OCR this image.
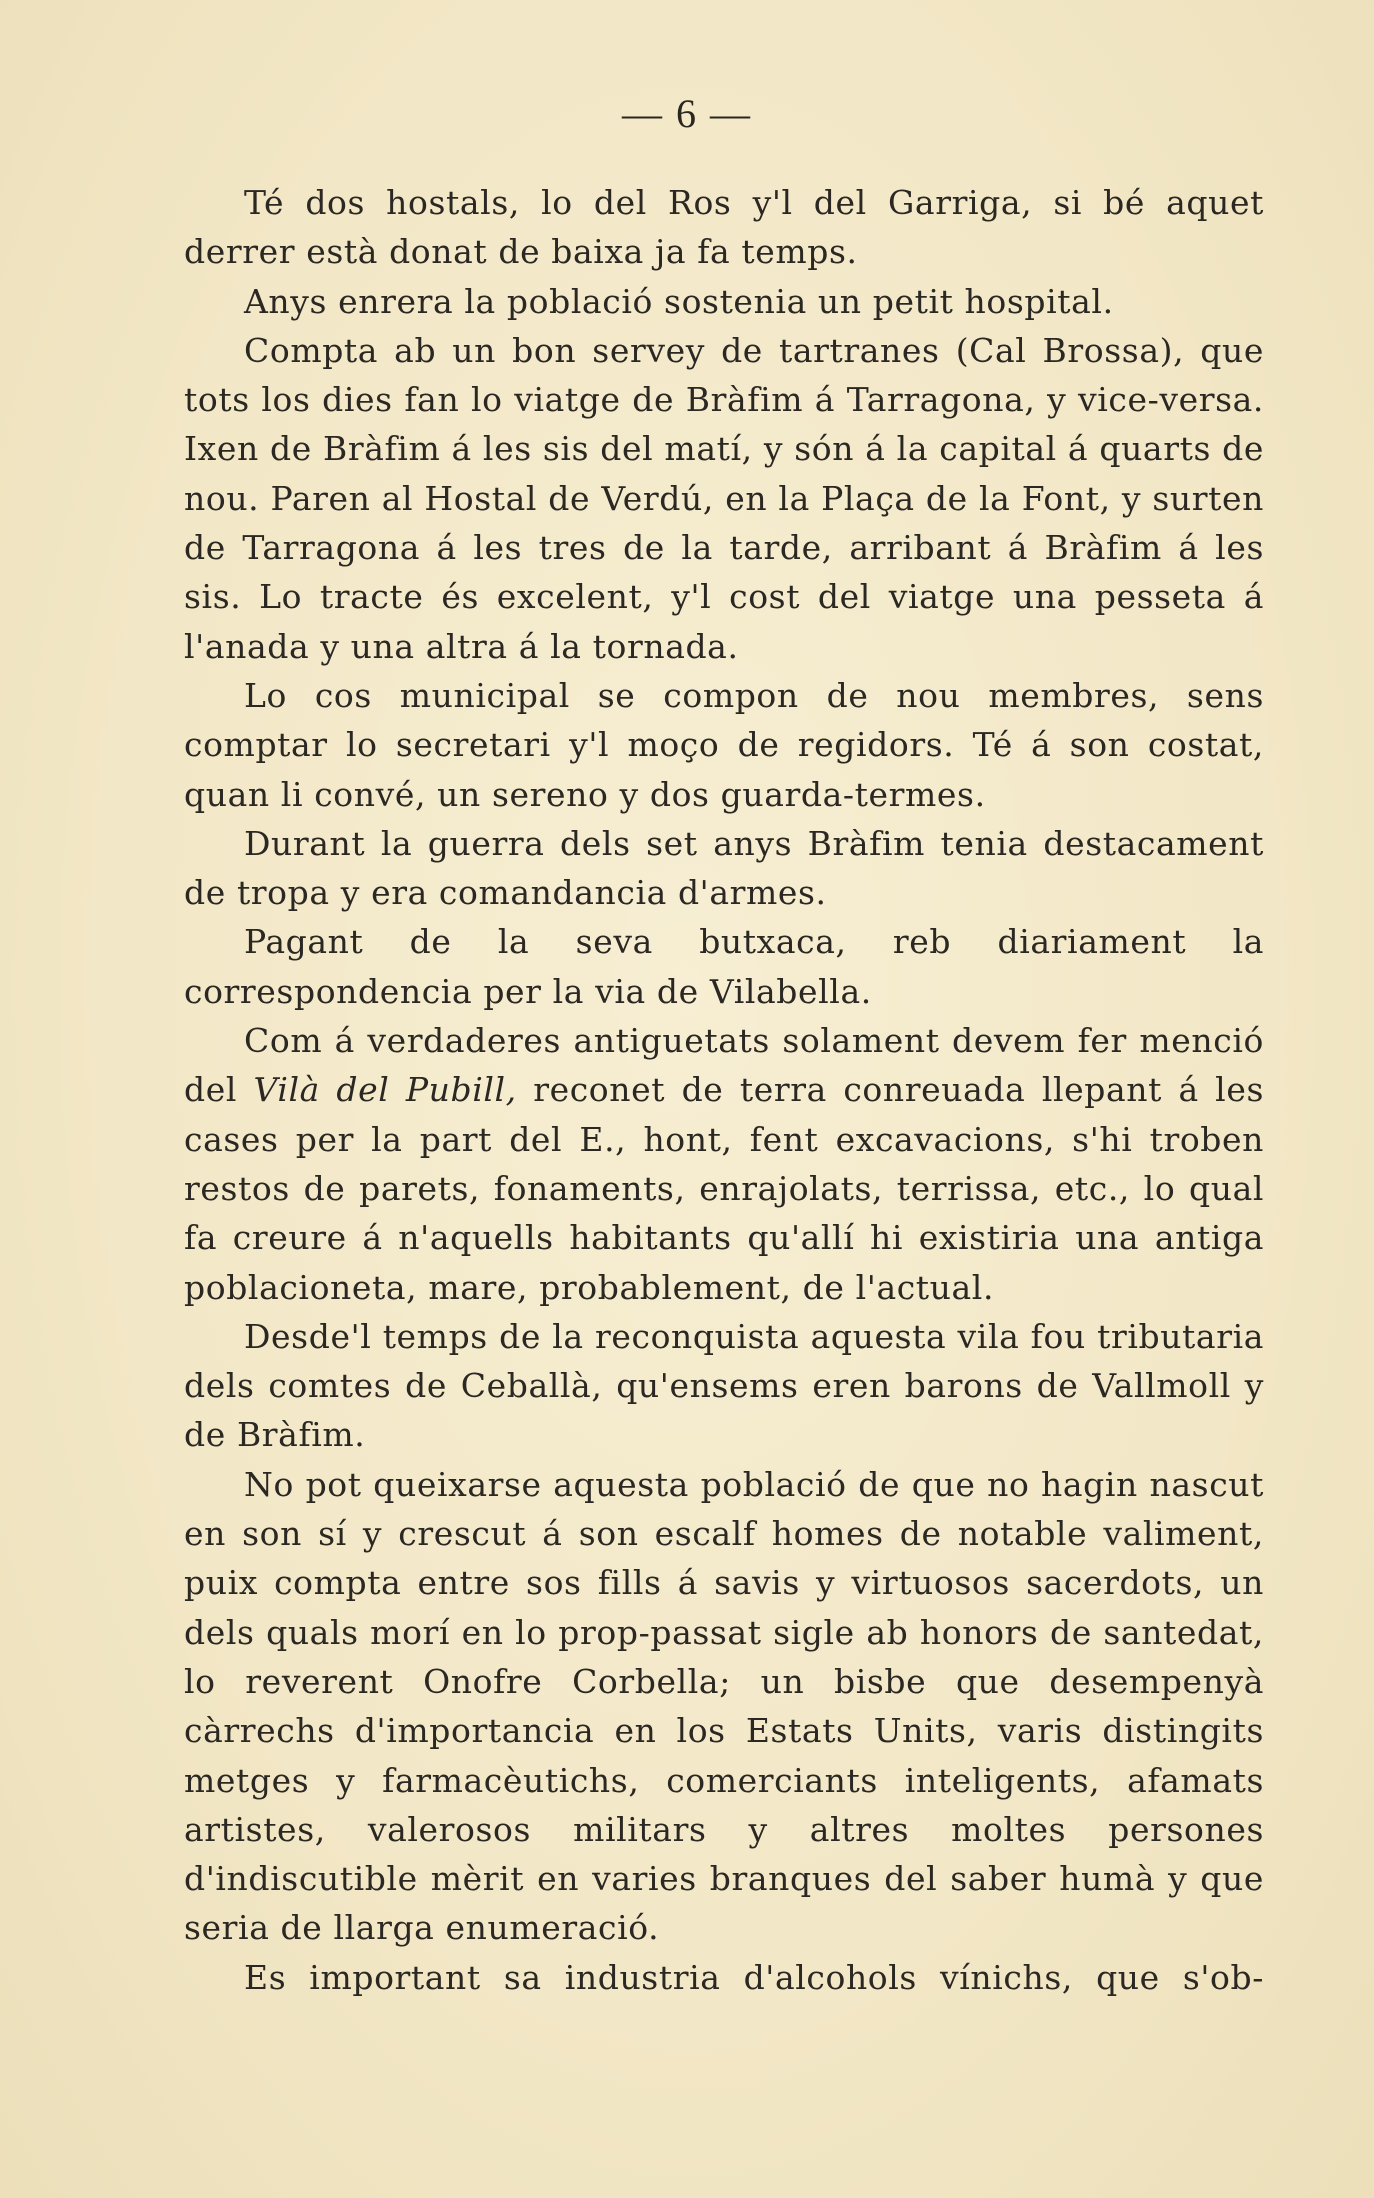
— 6 —

Té dos hostals, lo del Ros y'l del Garriga, si bé aquet derrer està donat de baixa ja fa temps.

Anys enrera la població sostenia un petit hospital.

Compta ab un bon servey de tartranes (Cal Brossa), que tots los dies fan lo viatge de Bràfim á Tarragona, y vice-versa. Ixen de Bràfim á les sis del matí, y són á la capital á quarts de nou. Paren al Hostal de Verdú, en la Plaça de la Font, y surten de Tarragona á les tres de la tarde, arribant á Bràfim á les sis. Lo tracte és excelent, y'l cost del viatge una pesseta á l'anada y una altra á la tornada.

Lo cos municipal se compon de nou membres, sens comptar lo secretari y'l moço de regidors. Té á son costat, quan li convé, un sereno y dos guarda-termes.

Durant la guerra dels set anys Bràfim tenia destacament de tropa y era comandancia d'armes.

Pagant de la seva butxaca, reb diariament la correspondencia per la via de Vilabella.

Com á verdaderes antiguetats solament devem fer menció del Vilà del Pubill, reconet de terra conreuada llepant á les cases per la part del E., hont, fent excavacions, s'hi troben restos de parets, fonaments, enrajolats, terrissa, etc., lo qual fa creure á n'aquells habitants qu'allí hi existiria una antiga poblacioneta, mare, probablement, de l'actual.

Desde'l temps de la reconquista aquesta vila fou tributaria dels comtes de Ceballà, qu'ensems eren barons de Vallmoll y de Bràfim.

No pot queixarse aquesta població de que no hagin nascut en son sí y crescut á son escalf homes de notable valiment, puix compta entre sos fills á savis y virtuosos sacerdots, un dels quals morí en lo prop-passat sigle ab honors de santedat, lo reverent Onofre Corbella; un bisbe que desempenyà càrrechs d'importancia en los Estats Units, varis distingits metges y farmacèutichs, comerciants inteligents, afamats artistes, valerosos militars y altres moltes persones d'indiscutible mèrit en varies branques del saber humà y que seria de llarga enumeració.

Es important sa industria d'alcohols vínichs, que s'ob-
